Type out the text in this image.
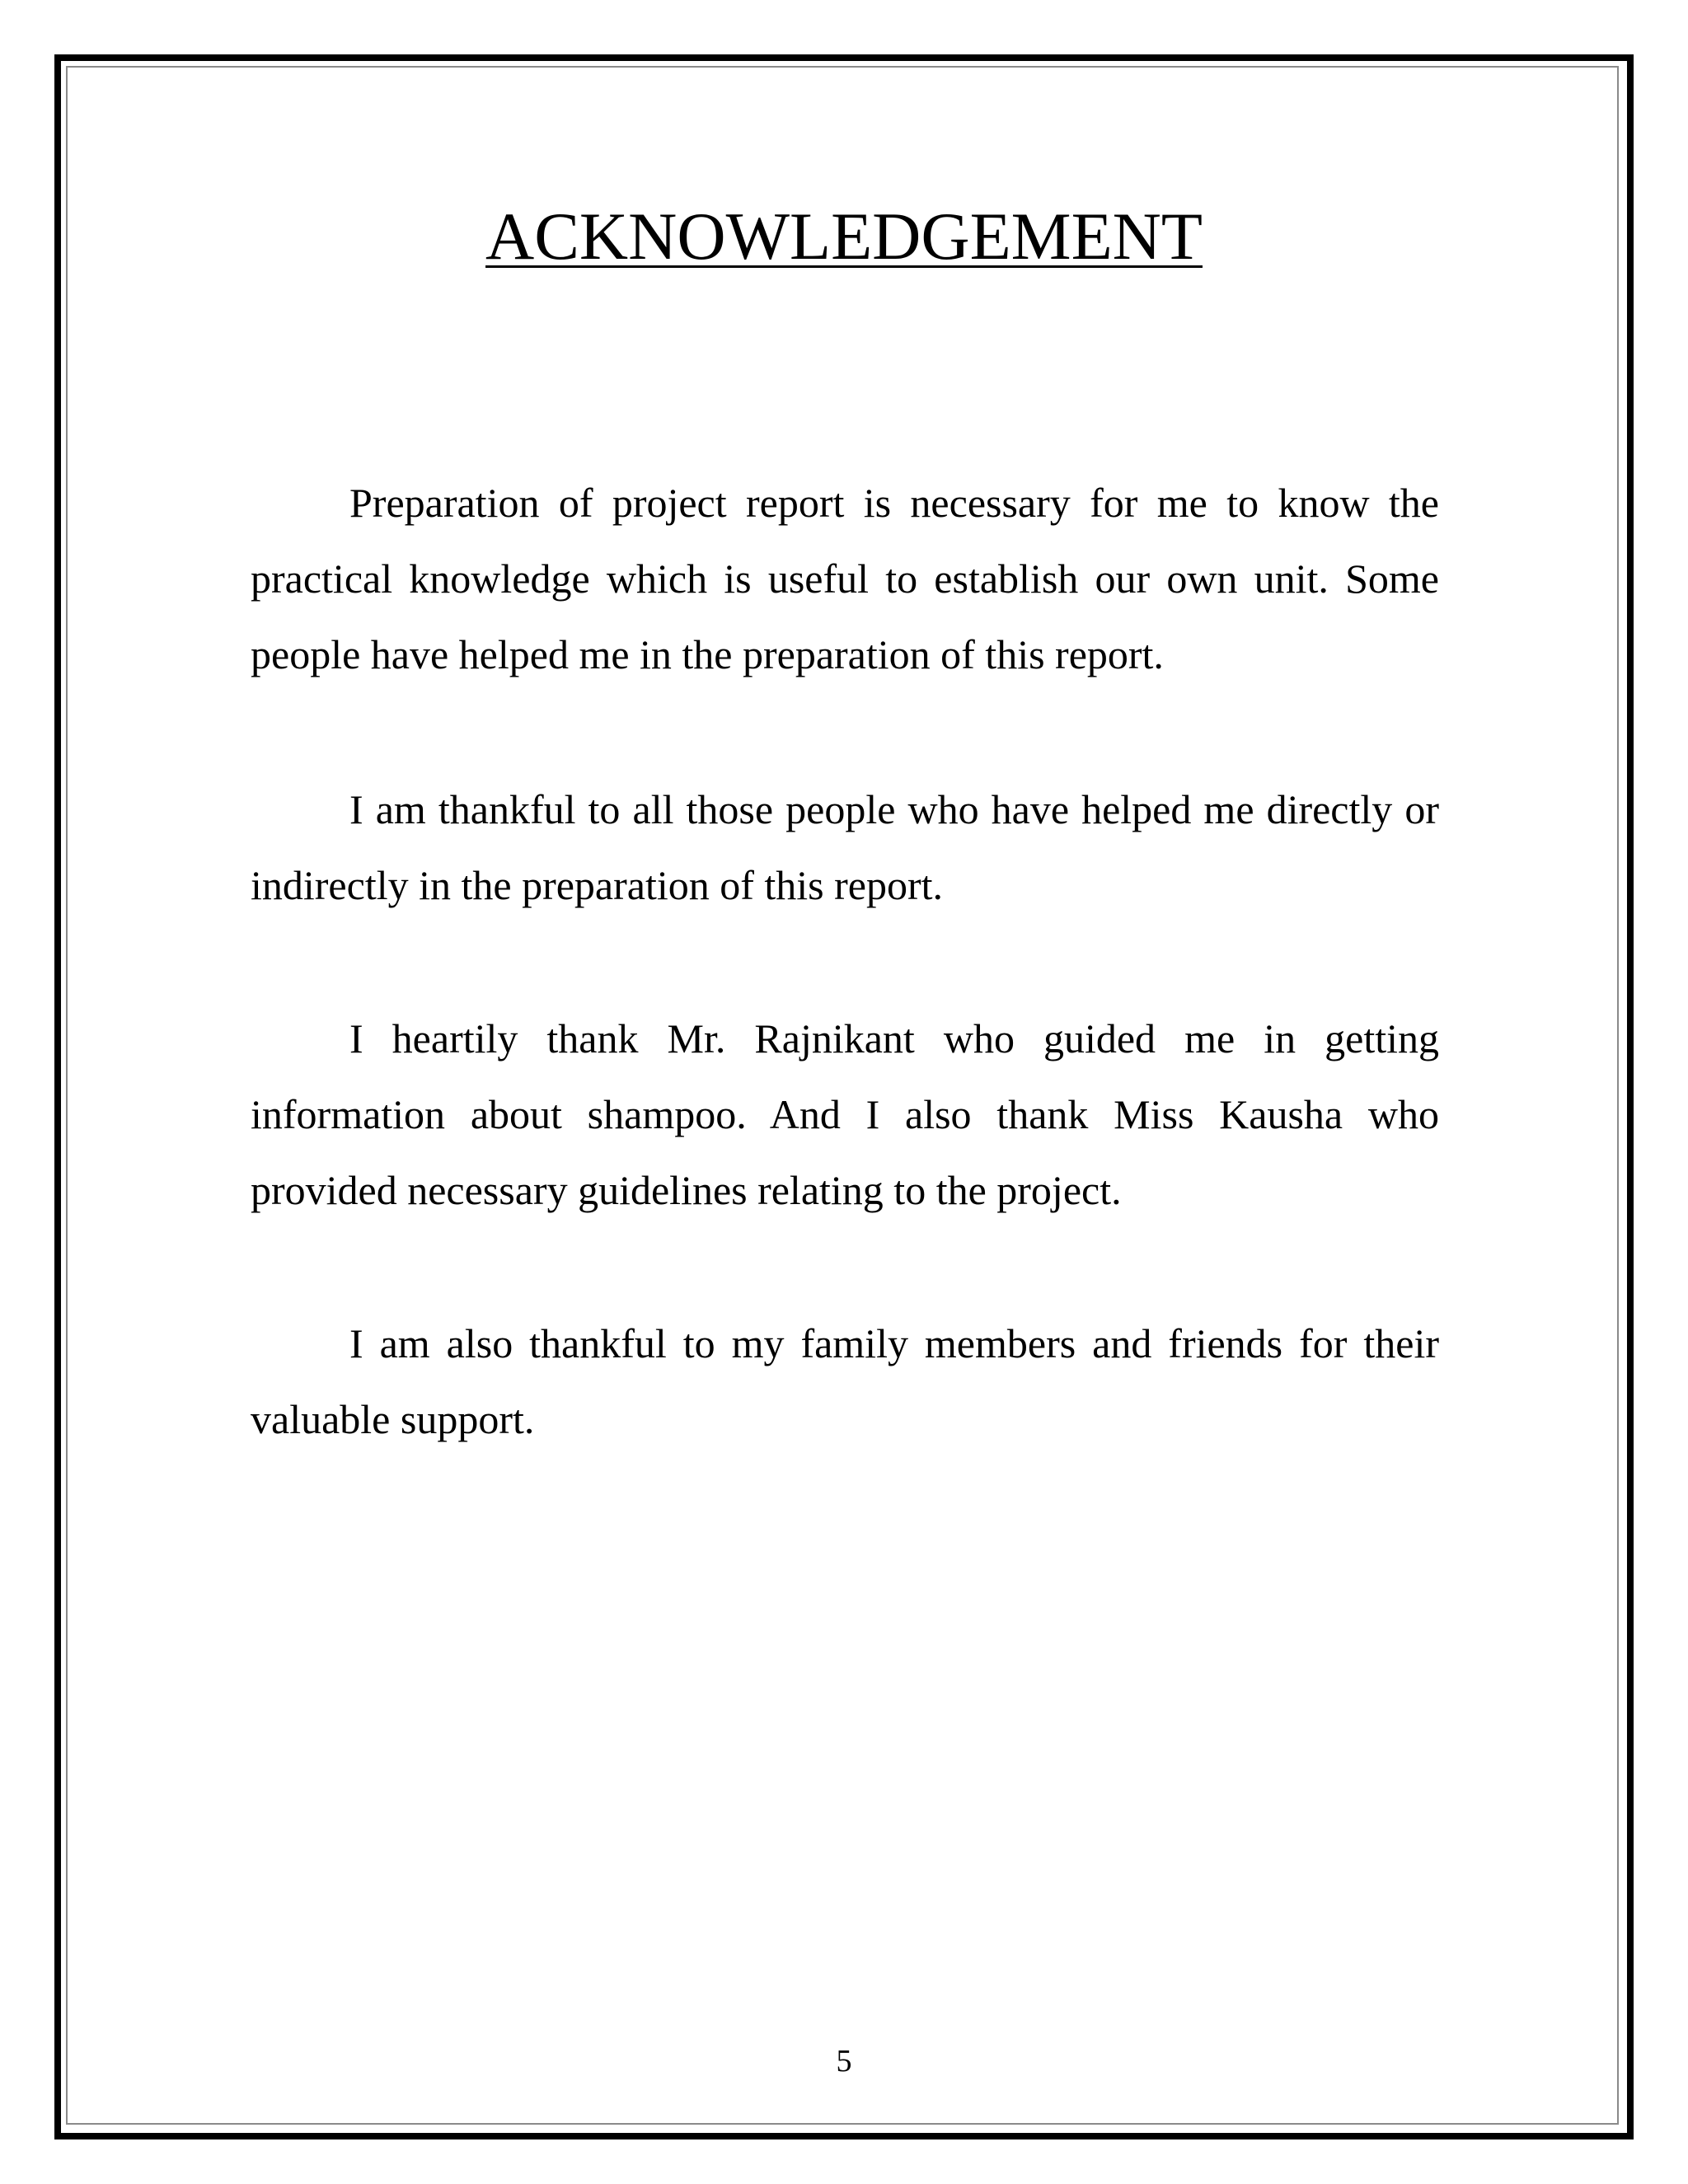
ACKNOWLEDGEMENT

Preparation of project report is necessary for me to know the practical knowledge which is useful to establish our own unit. Some people have helped me in the preparation of this report.

I am thankful to all those people who have helped me directly or indirectly in the preparation of this report.

I heartily thank Mr. Rajnikant who guided me in getting information about shampoo. And I also thank Miss Kausha who provided necessary guidelines relating to the project.

I am also thankful to my family members and friends for their valuable support.

5
